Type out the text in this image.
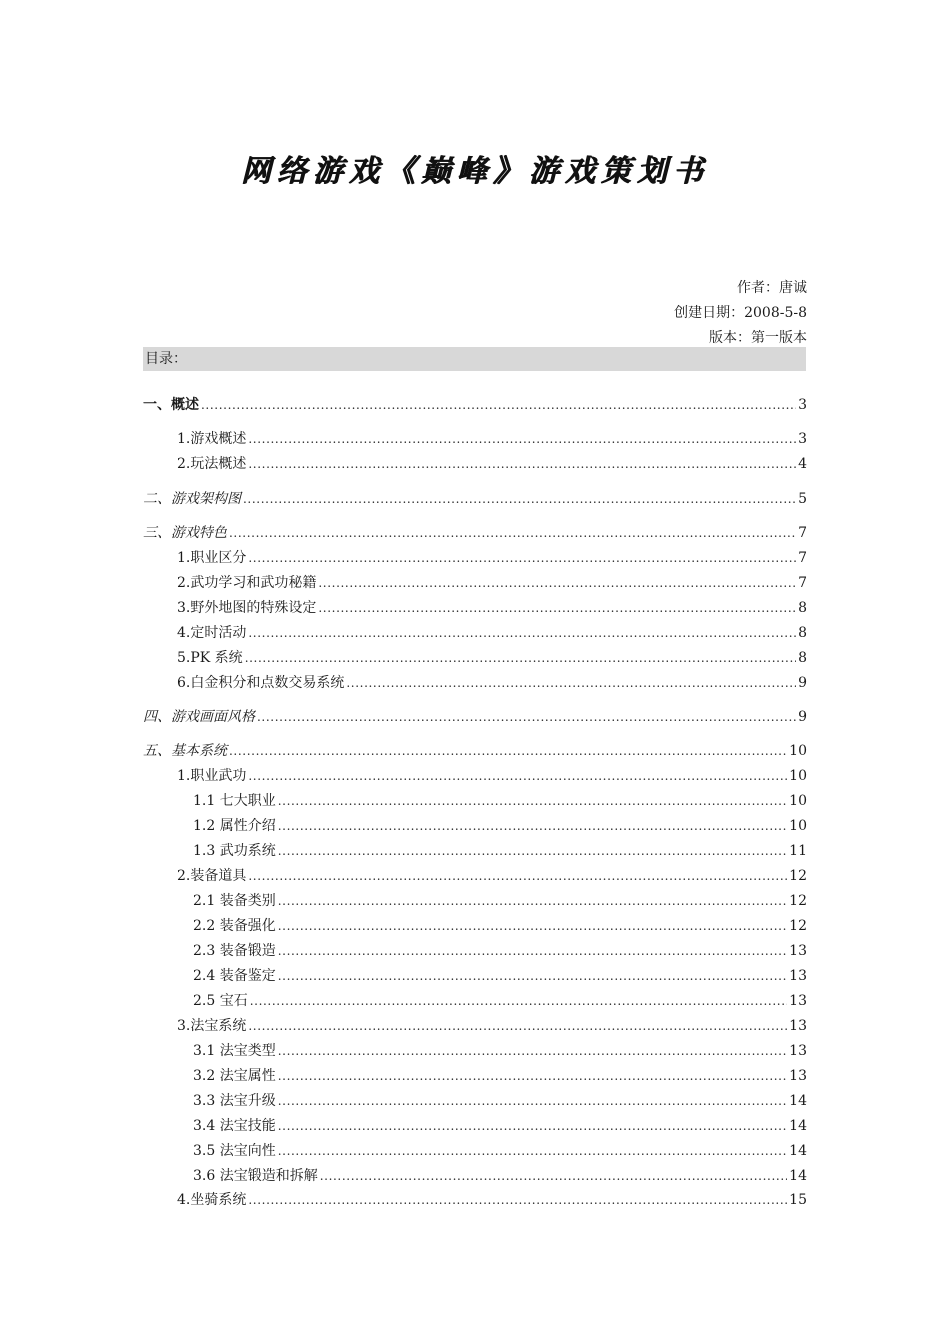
网络游戏《巅峰》游戏策划书
作者：唐诚
创建日期：2008-5-8
版本：第一版本
目录：
一、概述 . . .	3
1.游戏概述 . . .	3
2.玩法概述 . . .	4
二、游戏架构图 . . .	5
三、游戏特色 . . .	7
1.职业区分 . . .	7
2.武功学习和武功秘籍 . . .	7
3.野外地图的特殊设定 . . .	8
4.定时活动 . . .	8
5.PK 系统 . . .	8
6.白金积分和点数交易系统 . . .	9
四、游戏画面风格 . . .	9
五、基本系统 . . .	10
1.职业武功 . . .	10
1.1 七大职业 . . .	10
1.2 属性介绍 . . .	10
1.3 武功系统 . . .	11
2.装备道具 . . .	12
2.1 装备类别 . . .	12
2.2 装备强化 . . .	12
2.3 装备锻造 . . .	13
2.4 装备鉴定 . . .	13
2.5 宝石 . . .	13
3.法宝系统 . . .	13
3.1 法宝类型 . . .	13
3.2 法宝属性 . . .	13
3.3 法宝升级 . . .	14
3.4 法宝技能 . . .	14
3.5 法宝向性 . . .	14
3.6 法宝锻造和拆解 . . .	14
4.坐骑系统 . . .	15
